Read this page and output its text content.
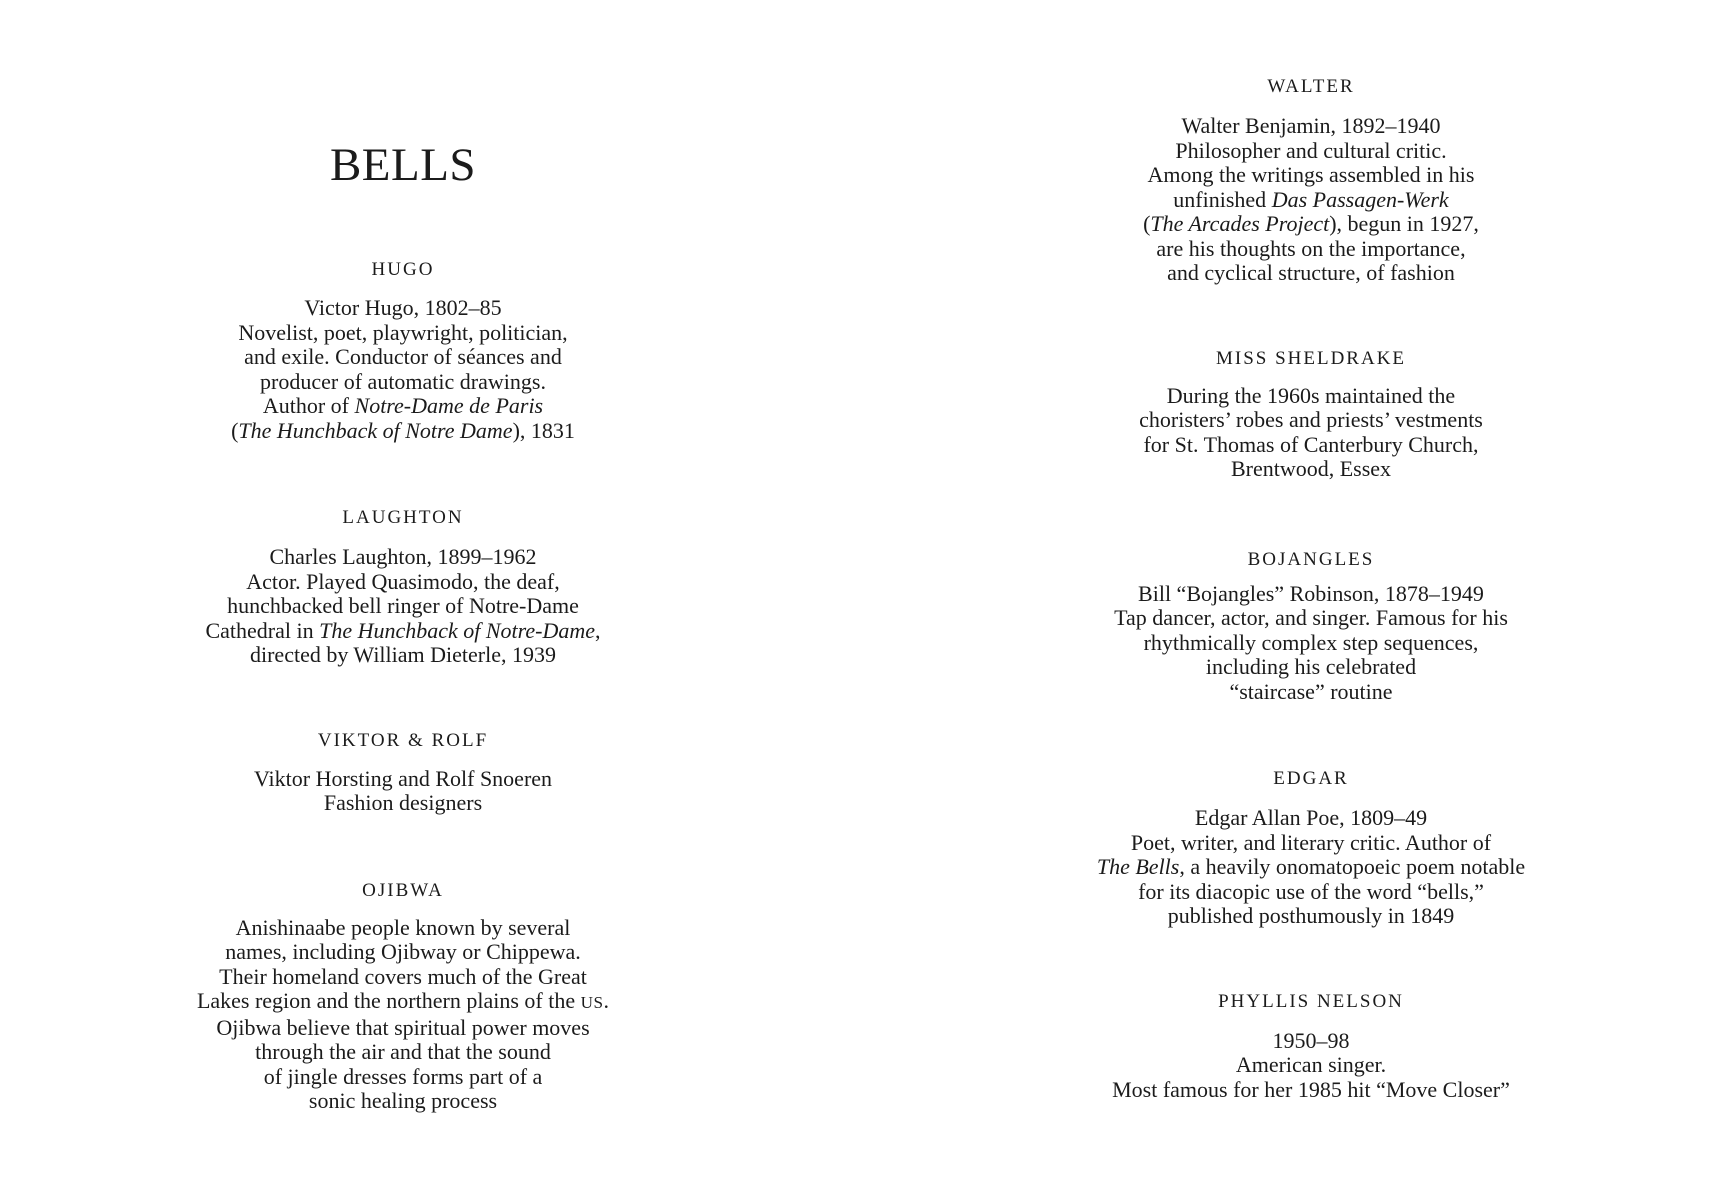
BELLS
HUGO

Victor Hugo, 1802–85
Novelist, poet, playwright, politician,
and exile. Conductor of séances and
producer of automatic drawings.
Author of Notre-Dame de Paris
(The Hunchback of Notre Dame), 1831

LAUGHTON

Charles Laughton, 1899–1962
Actor. Played Quasimodo, the deaf,
hunchbacked bell ringer of Notre-Dame
Cathedral in The Hunchback of Notre-Dame,
directed by William Dieterle, 1939

VIKTOR & ROLF

Viktor Horsting and Rolf Snoeren
Fashion designers

OJIBWA

Anishinaabe people known by several
names, including Ojibway or Chippewa.
Their homeland covers much of the Great
Lakes region and the northern plains of the US.
Ojibwa believe that spiritual power moves
through the air and that the sound
of jingle dresses forms part of a
sonic healing process

WALTER

Walter Benjamin, 1892–1940
Philosopher and cultural critic.
Among the writings assembled in his
unfinished Das Passagen-Werk
(The Arcades Project), begun in 1927,
are his thoughts on the importance,
and cyclical structure, of fashion

MISS SHELDRAKE

During the 1960s maintained the
choristers’ robes and priests’ vestments
for St. Thomas of Canterbury Church,
Brentwood, Essex

BOJANGLES

Bill “Bojangles” Robinson, 1878–1949
Tap dancer, actor, and singer. Famous for his
rhythmically complex step sequences,
including his celebrated
“staircase” routine

EDGAR

Edgar Allan Poe, 1809–49
Poet, writer, and literary critic. Author of
The Bells, a heavily onomatopoeic poem notable
for its diacopic use of the word “bells,”
published posthumously in 1849

PHYLLIS NELSON

1950–98
American singer.
Most famous for her 1985 hit “Move Closer”
